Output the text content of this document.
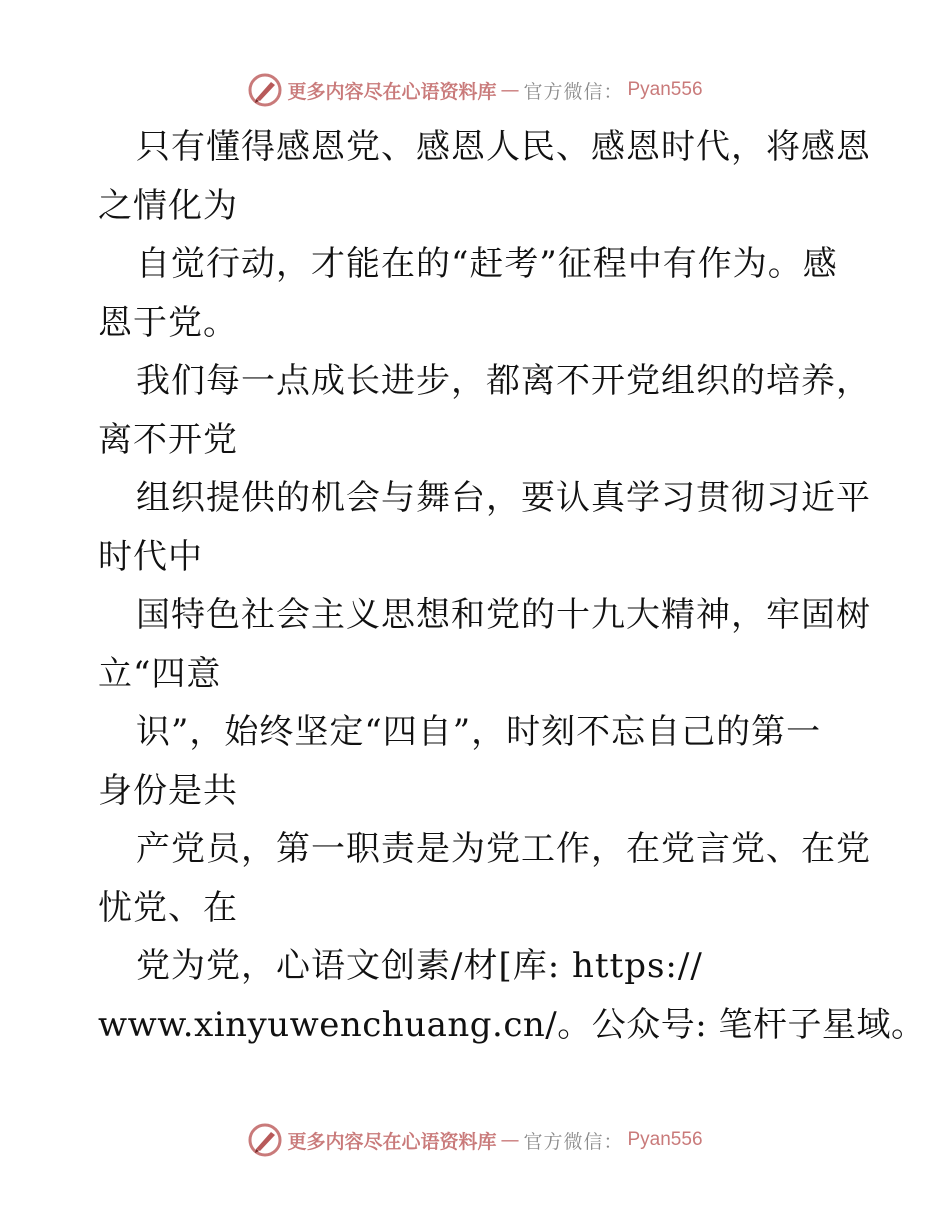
更多内容尽在心语资料库 — 官方微信： Pyan556
只有懂得感恩党、感恩人民、感恩时代，将感恩
之情化为
自觉行动，才能在的“赶考”征程中有作为。感
恩于党。
我们每一点成长进步，都离不开党组织的培养，
离不开党
组织提供的机会与舞台，要认真学习贯彻习近平
时代中
国特色社会主义思想和党的十九大精神，牢固树
立“四意
识”，始终坚定“四自”，时刻不忘自己的第一
身份是共
产党员，第一职责是为党工作，在党言党、在党
忧党、在
党为党，心语文创素/材[库: https://
www.xinyuwenchuang.cn/。公众号: 笔杆子星域。
更多内容尽在心语资料库 — 官方微信： Pyan556
